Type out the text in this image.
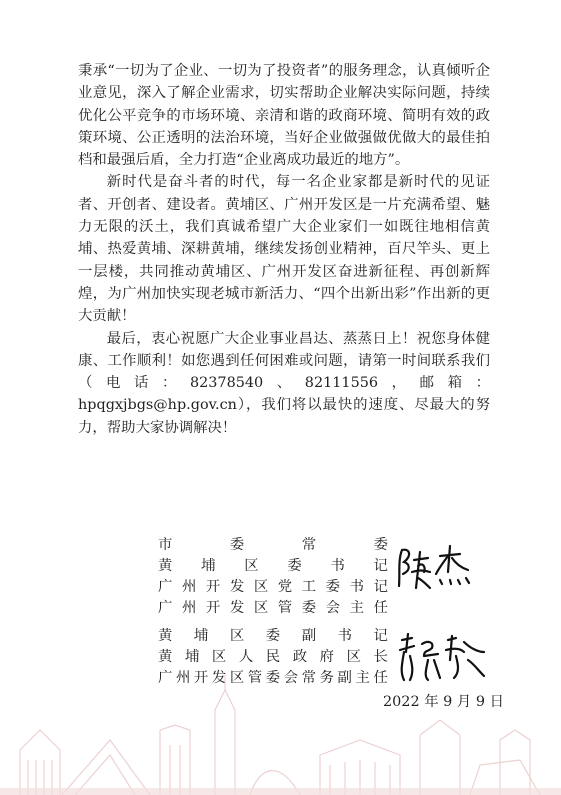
秉承“一切为了企业、一切为了投资者”的服务理念，认真倾听企业意见，深入了解企业需求，切实帮助企业解决实际问题，持续优化公平竞争的市场环境、亲清和谐的政商环境、简明有效的政策环境、公正透明的法治环境，当好企业做强做优做大的最佳拍档和最强后盾，全力打造“企业离成功最近的地方”。

新时代是奋斗者的时代，每一名企业家都是新时代的见证者、开创者、建设者。黄埔区、广州开发区是一片充满希望、魅力无限的沃土，我们真诚希望广大企业家们一如既往地相信黄埔、热爱黄埔、深耕黄埔，继续发扬创业精神，百尺竿头、更上一层楼，共同推动黄埔区、广州开发区奋进新征程、再创新辉煌，为广州加快实现老城市新活力、“四个出新出彩”作出新的更大贡献！

最后，衷心祝愿广大企业事业昌达、蒸蒸日上！祝您身体健康、工作顺利！如您遇到任何困难或问题，请第一时间联系我们（电话：82378540、82111556，邮箱：hpqgxjbgs@hp.gov.cn），我们将以最快的速度、尽最大的努力，帮助大家协调解决！

市	委	常	委
黄 埔 区 委 书 记
广 州 开 发 区 党 工 委 书 记
广 州 开 发 区 管 委 会 主 任
黄 埔 区 委 副 书 记
黄 埔 区 人 民 政 府 区 长
广 州 开 发 区 管 委 会 常 务 副 主 任
2022 年 9 月 9 日
